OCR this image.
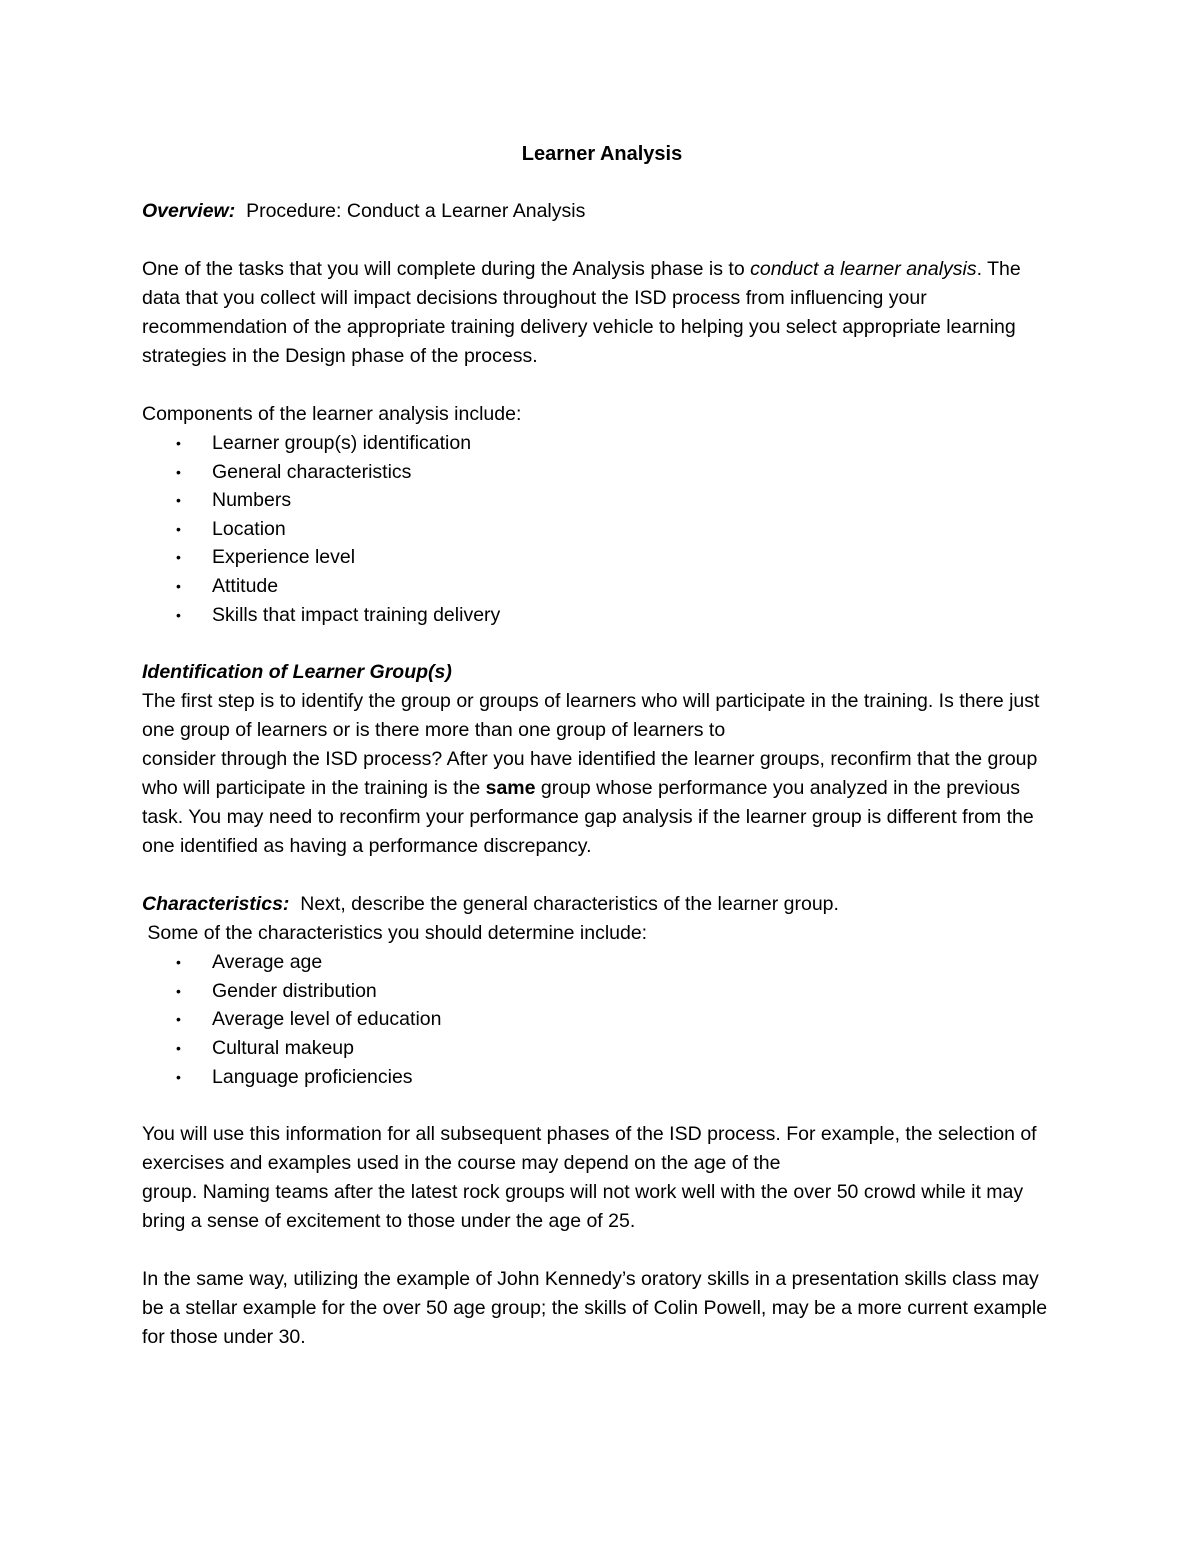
Learner Analysis

Overview: Procedure: Conduct a Learner Analysis

One of the tasks that you will complete during the Analysis phase is to conduct a learner analysis. The data that you collect will impact decisions throughout the ISD process from influencing your recommendation of the appropriate training delivery vehicle to helping you select appropriate learning strategies in the Design phase of the process.

Components of the learner analysis include:

• Learner group(s) identification
• General characteristics
• Numbers
• Location
• Experience level
• Attitude
• Skills that impact training delivery

Identification of Learner Group(s)

The first step is to identify the group or groups of learners who will participate in the training. Is there just one group of learners or is there more than one group of learners to

consider through the ISD process? After you have identified the learner groups, reconfirm that the group who will participate in the training is the same group whose performance you analyzed in the previous task. You may need to reconfirm your performance gap analysis if the learner group is different from the one identified as having a performance discrepancy.

Characteristics: Next, describe the general characteristics of the learner group.

Some of the characteristics you should determine include:

• Average age
• Gender distribution
• Average level of education
• Cultural makeup
• Language proficiencies

You will use this information for all subsequent phases of the ISD process. For example, the selection of exercises and examples used in the course may depend on the age of the

group. Naming teams after the latest rock groups will not work well with the over 50 crowd while it may bring a sense of excitement to those under the age of 25.

In the same way, utilizing the example of John Kennedy’s oratory skills in a presentation skills class may be a stellar example for the over 50 age group; the skills of Colin Powell, may be a more current example for those under 30.
